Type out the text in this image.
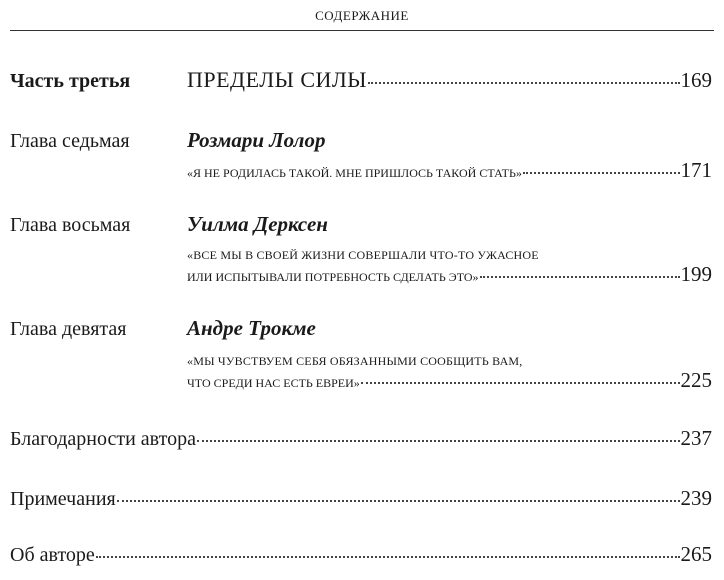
СОДЕРЖАНИЕ
Часть третья	ПРЕДЕЛЫ СИЛЫ	169
Глава седьмая	Розмари Лолор
«Я НЕ РОДИЛАСЬ ТАКОЙ. МНЕ ПРИШЛОСЬ ТАКОЙ СТАТЬ»	171
Глава восьмая	Уилма Дерксен
«ВСЕ МЫ В СВОЕЙ ЖИЗНИ СОВЕРШАЛИ ЧТО-ТО УЖАСНОЕ
ИЛИ ИСПЫТЫВАЛИ ПОТРЕБНОСТЬ СДЕЛАТЬ ЭТО»	199
Глава девятая	Андре Трокме
«МЫ ЧУВСТВУЕМ СЕБЯ ОБЯЗАННЫМИ СООБЩИТЬ ВАМ,
ЧТО СРЕДИ НАС ЕСТЬ ЕВРЕИ»	225
Благодарности автора	237
Примечания	239
Об авторе	265
